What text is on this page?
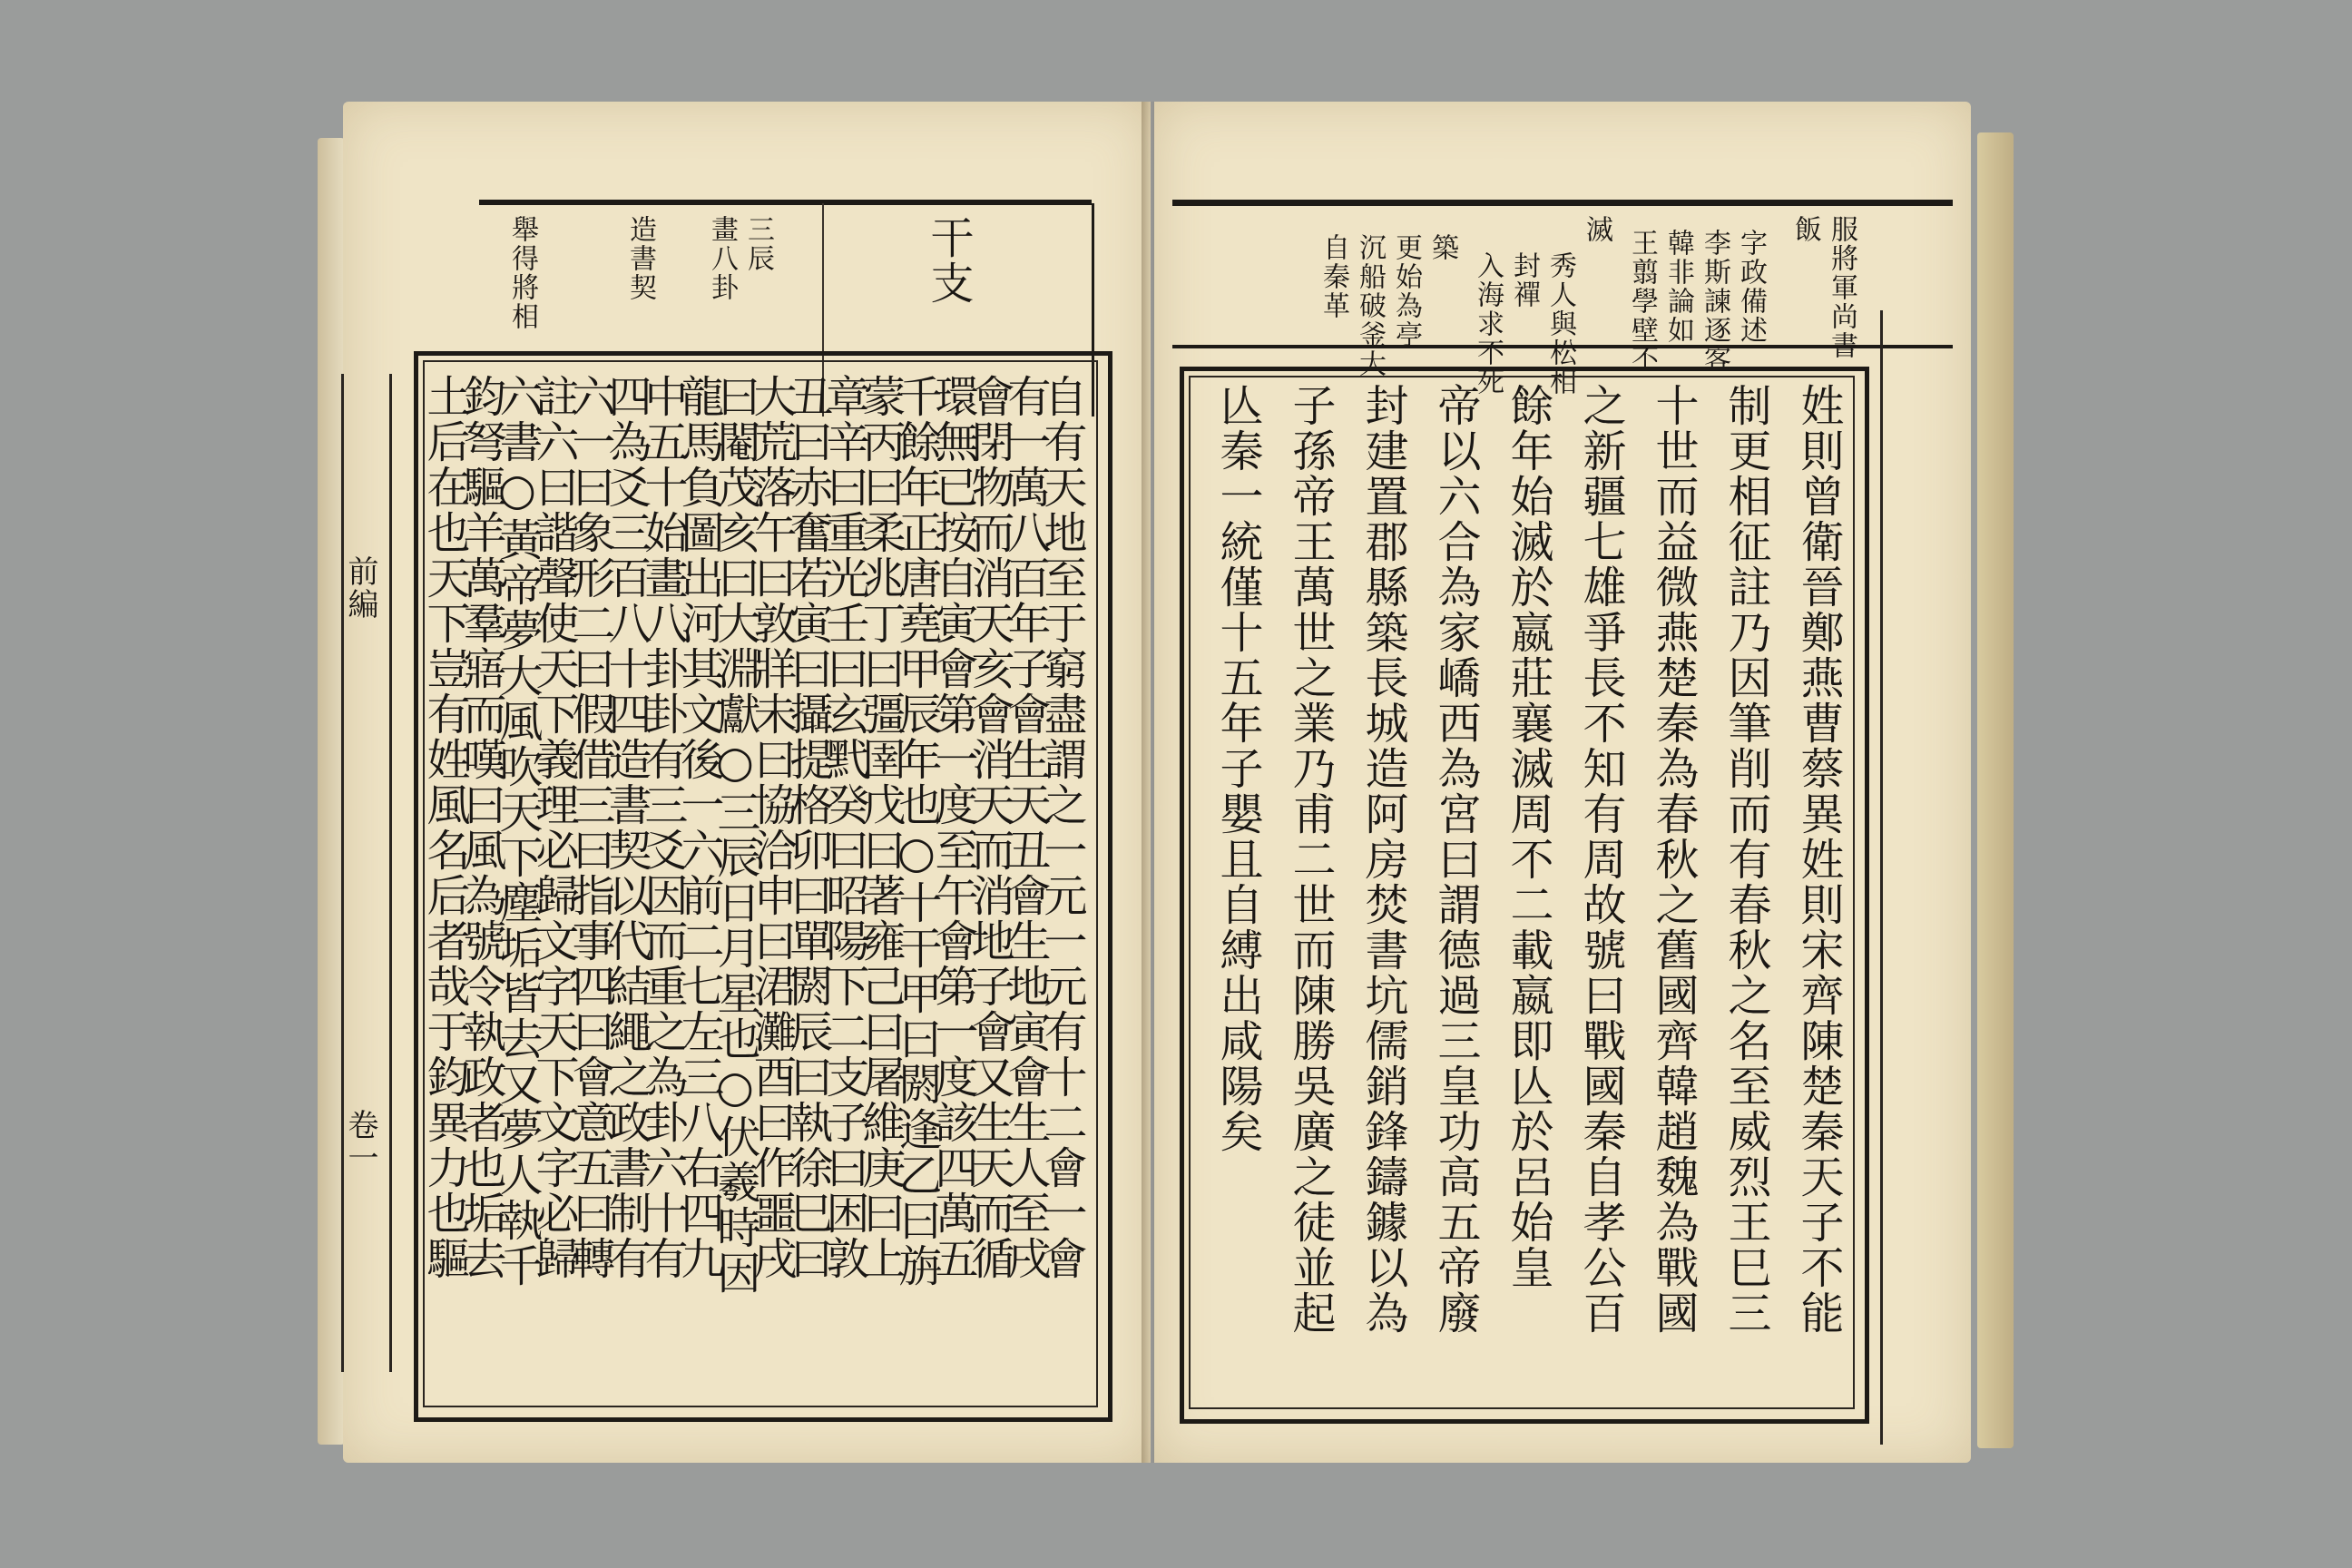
前編
卷一
干支
三辰
畫八卦
造書契
舉得將相
自有天地至于窮盡謂之一元一元有十二會一會
有一萬八百年子會生天丑會生地寅會生人至戌
會閉物而消天亥會消天而消地子會又生天而循
環無已按自寅會第一度至午會第一度該四萬五
千餘年正唐堯甲辰年也○十干甲曰閼逢乙曰旃
蒙丙曰柔兆丁曰彊圉戊曰著雍己曰屠維庚曰上
章辛曰重光壬曰玄黓癸曰昭陽下二支子曰困敦
丑曰赤奮若寅曰攝提格卯曰單閼辰曰執徐巳曰
大荒落午曰敦牂未曰協洽申曰涒灘酉曰作噩戌
曰閹茂亥曰大淵獻○三辰日月星也○伏羲時因
龍馬負圖出河其文後一六前二七左三八右四九
中五十始畫八卦卦有三爻因而重之為卦六十有
四為爻三百八十四造書契以代結繩之政書制有
六一曰象形二曰假借三曰指事四曰會意五曰轉
註六曰諧聲使天下義理必歸文字天下文字必歸
六書○黃帝夢大風吹天下塵垢皆去又夢人執千
鈞弩驅羊萬羣寤而嘆曰風為號令執政者也垢去
土后在也天下豈有姓風名后者哉于鈞異力也驅
服將軍尚書
飯
字政備述
李斯諫逐客
韓非論如
王翦學壁不
滅
秀人與松相
封禪
入海求不死
築
更始為亭
沉船破釜大
自秦革
姓則曾衛晉鄭燕曹蔡異姓則宋齊陳楚秦天子不能
制更相征註乃因筆削而有春秋之名至威烈王巳三
十世而益微燕楚秦為春秋之舊國齊韓趙魏為戰國
之新疆七雄爭長不知有周故號曰戰國秦自孝公百
餘年始滅於嬴莊襄滅周不二載嬴即亾於呂始皇
帝以六合為家嶠西為宮曰謂德過三皇功高五帝廢
封建置郡縣築長城造阿房焚書坑儒銷鋒鑄鐻以為
子孫帝王萬世之業乃甫二世而陳勝吳廣之徒並起
亾秦一統僅十五年子嬰且自縛出咸陽矣
